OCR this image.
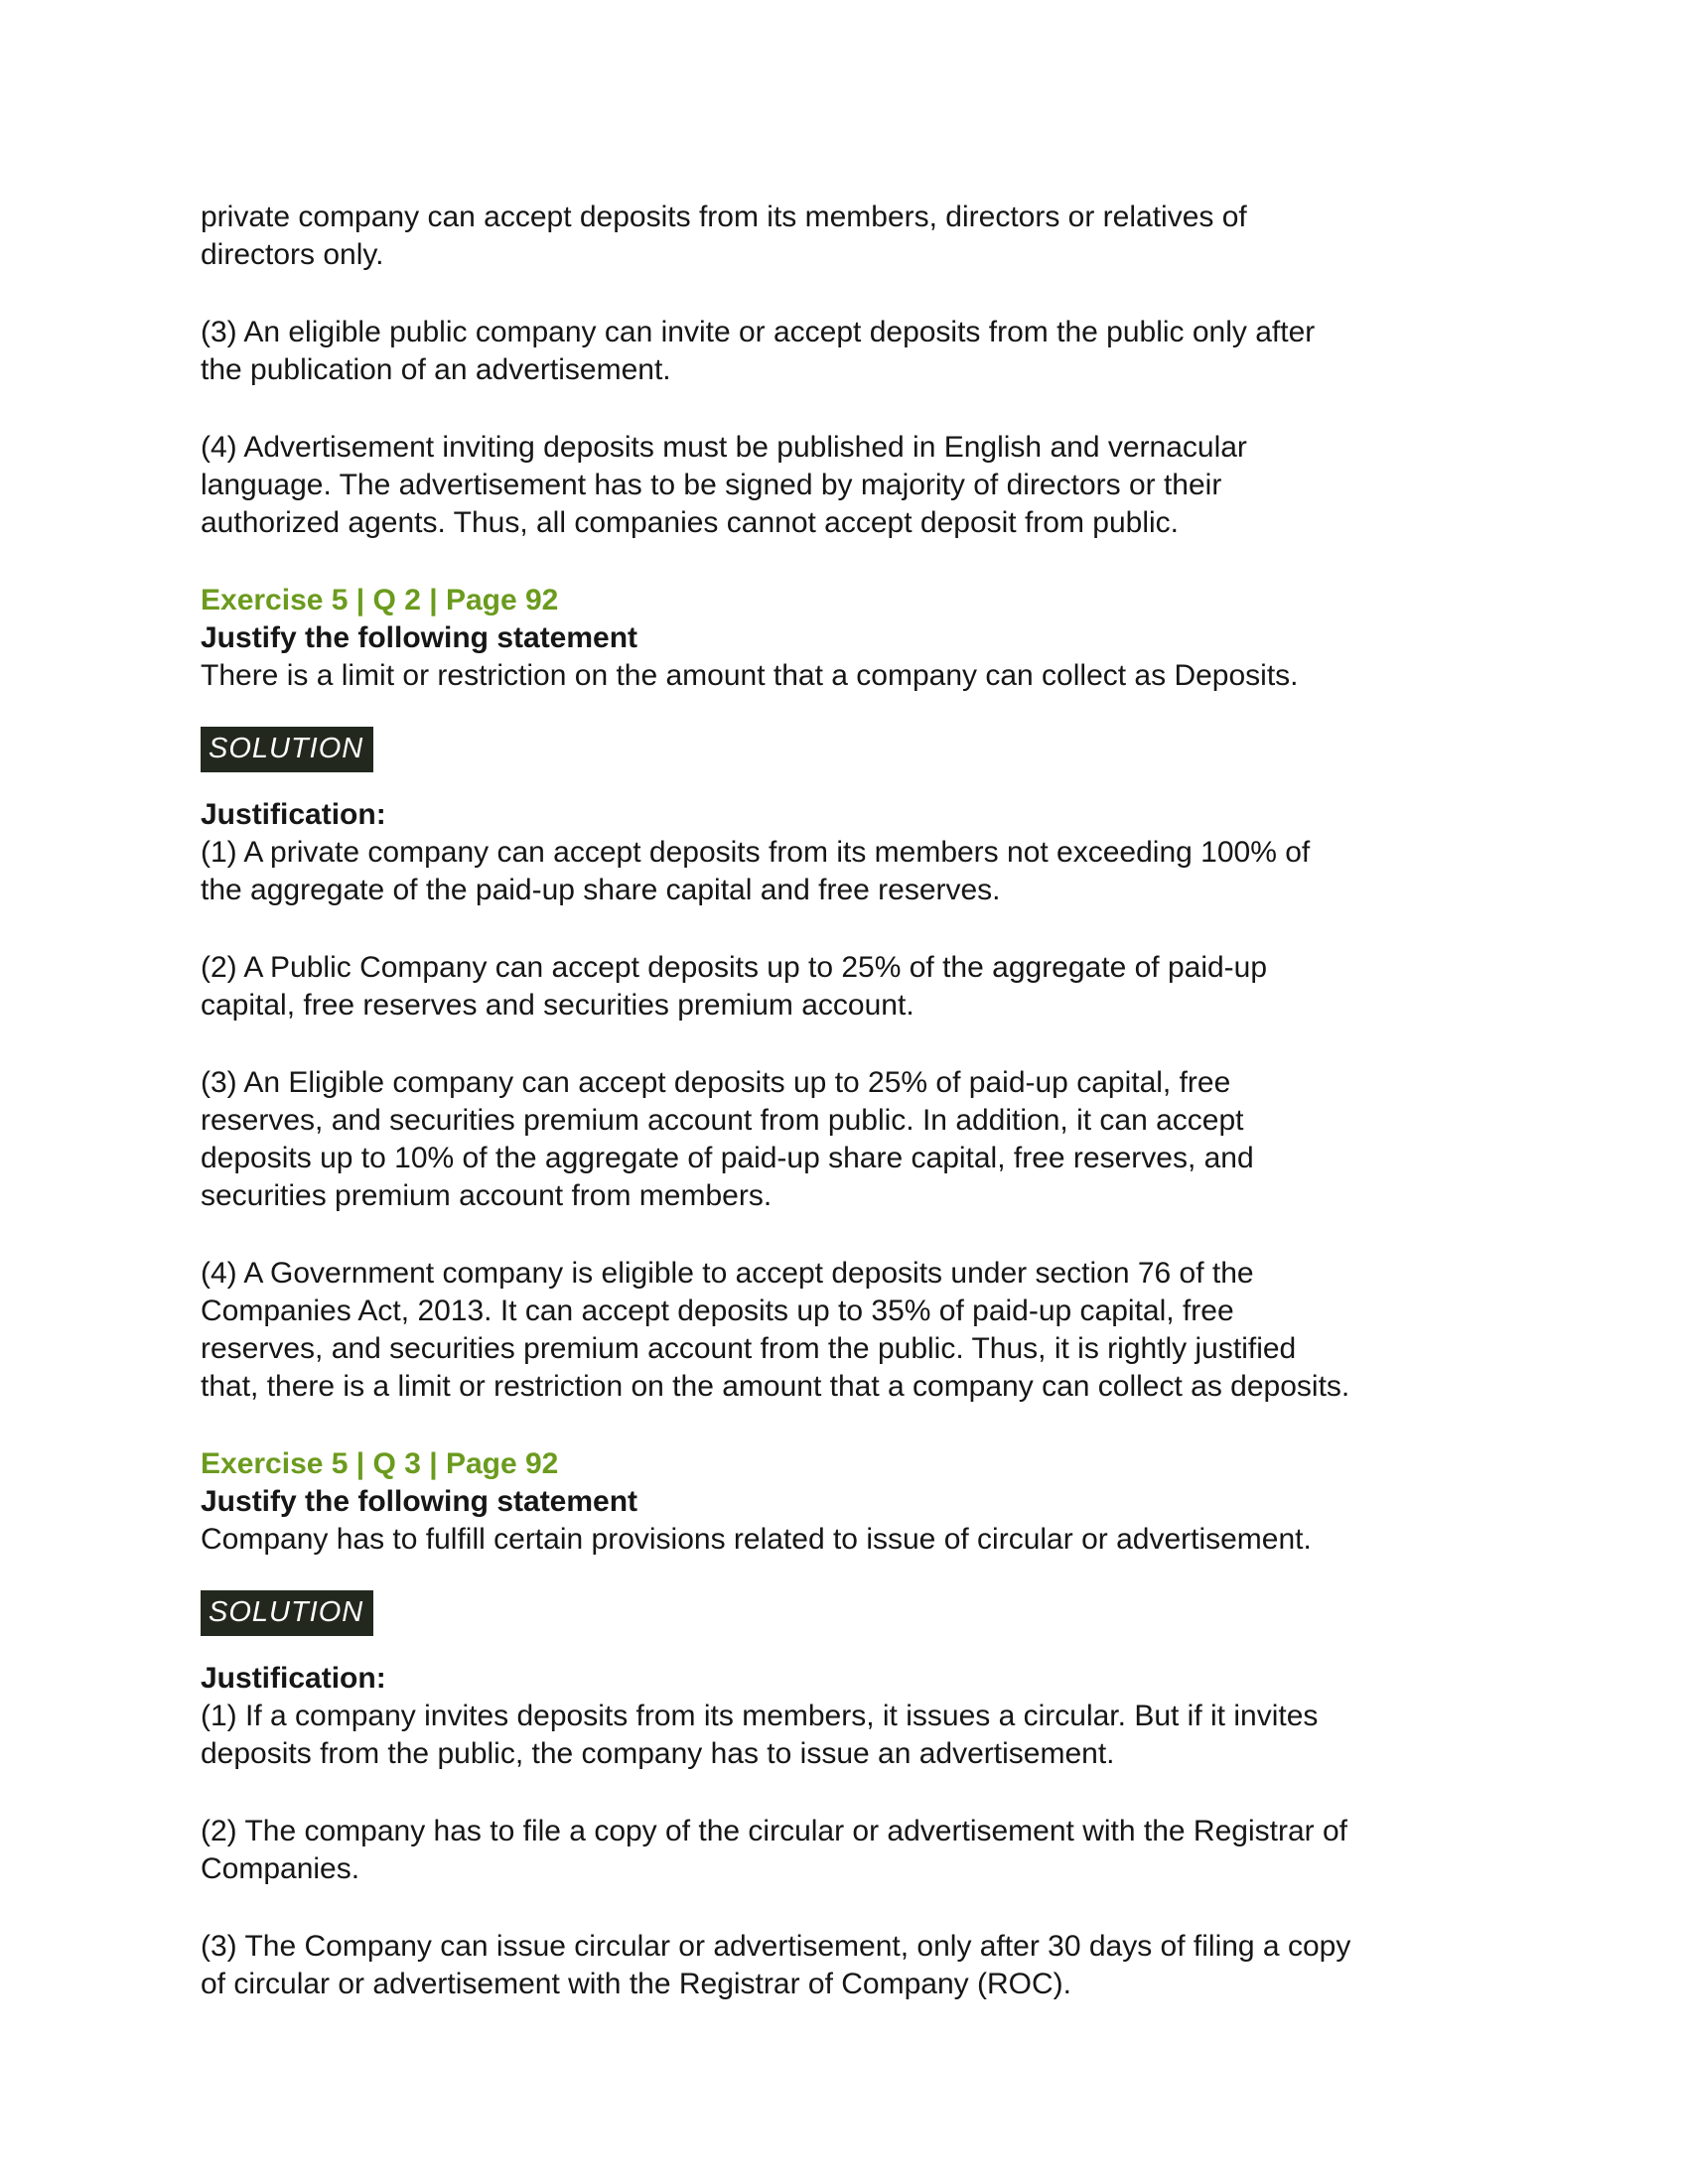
private company can accept deposits from its members, directors or relatives of
directors only.

(3) An eligible public company can invite or accept deposits from the public only after
the publication of an advertisement.

(4) Advertisement inviting deposits must be published in English and vernacular
language. The advertisement has to be signed by majority of directors or their
authorized agents. Thus, all companies cannot accept deposit from public.

Exercise 5 | Q 2 | Page 92

Justify the following statement

There is a limit or restriction on the amount that a company can collect as Deposits.

SOLUTION

Justification:

(1) A private company can accept deposits from its members not exceeding 100% of
the aggregate of the paid-up share capital and free reserves.

(2) A Public Company can accept deposits up to 25% of the aggregate of paid-up
capital, free reserves and securities premium account.

(3) An Eligible company can accept deposits up to 25% of paid-up capital, free
reserves, and securities premium account from public. In addition, it can accept
deposits up to 10% of the aggregate of paid-up share capital, free reserves, and
securities premium account from members.

(4) A Government company is eligible to accept deposits under section 76 of the
Companies Act, 2013. It can accept deposits up to 35% of paid-up capital, free
reserves, and securities premium account from the public. Thus, it is rightly justified
that, there is a limit or restriction on the amount that a company can collect as deposits.

Exercise 5 | Q 3 | Page 92

Justify the following statement

Company has to fulfill certain provisions related to issue of circular or advertisement.

SOLUTION

Justification:

(1) If a company invites deposits from its members, it issues a circular. But if it invites
deposits from the public, the company has to issue an advertisement.

(2) The company has to file a copy of the circular or advertisement with the Registrar of
Companies.

(3) The Company can issue circular or advertisement, only after 30 days of filing a copy
of circular or advertisement with the Registrar of Company (ROC).
